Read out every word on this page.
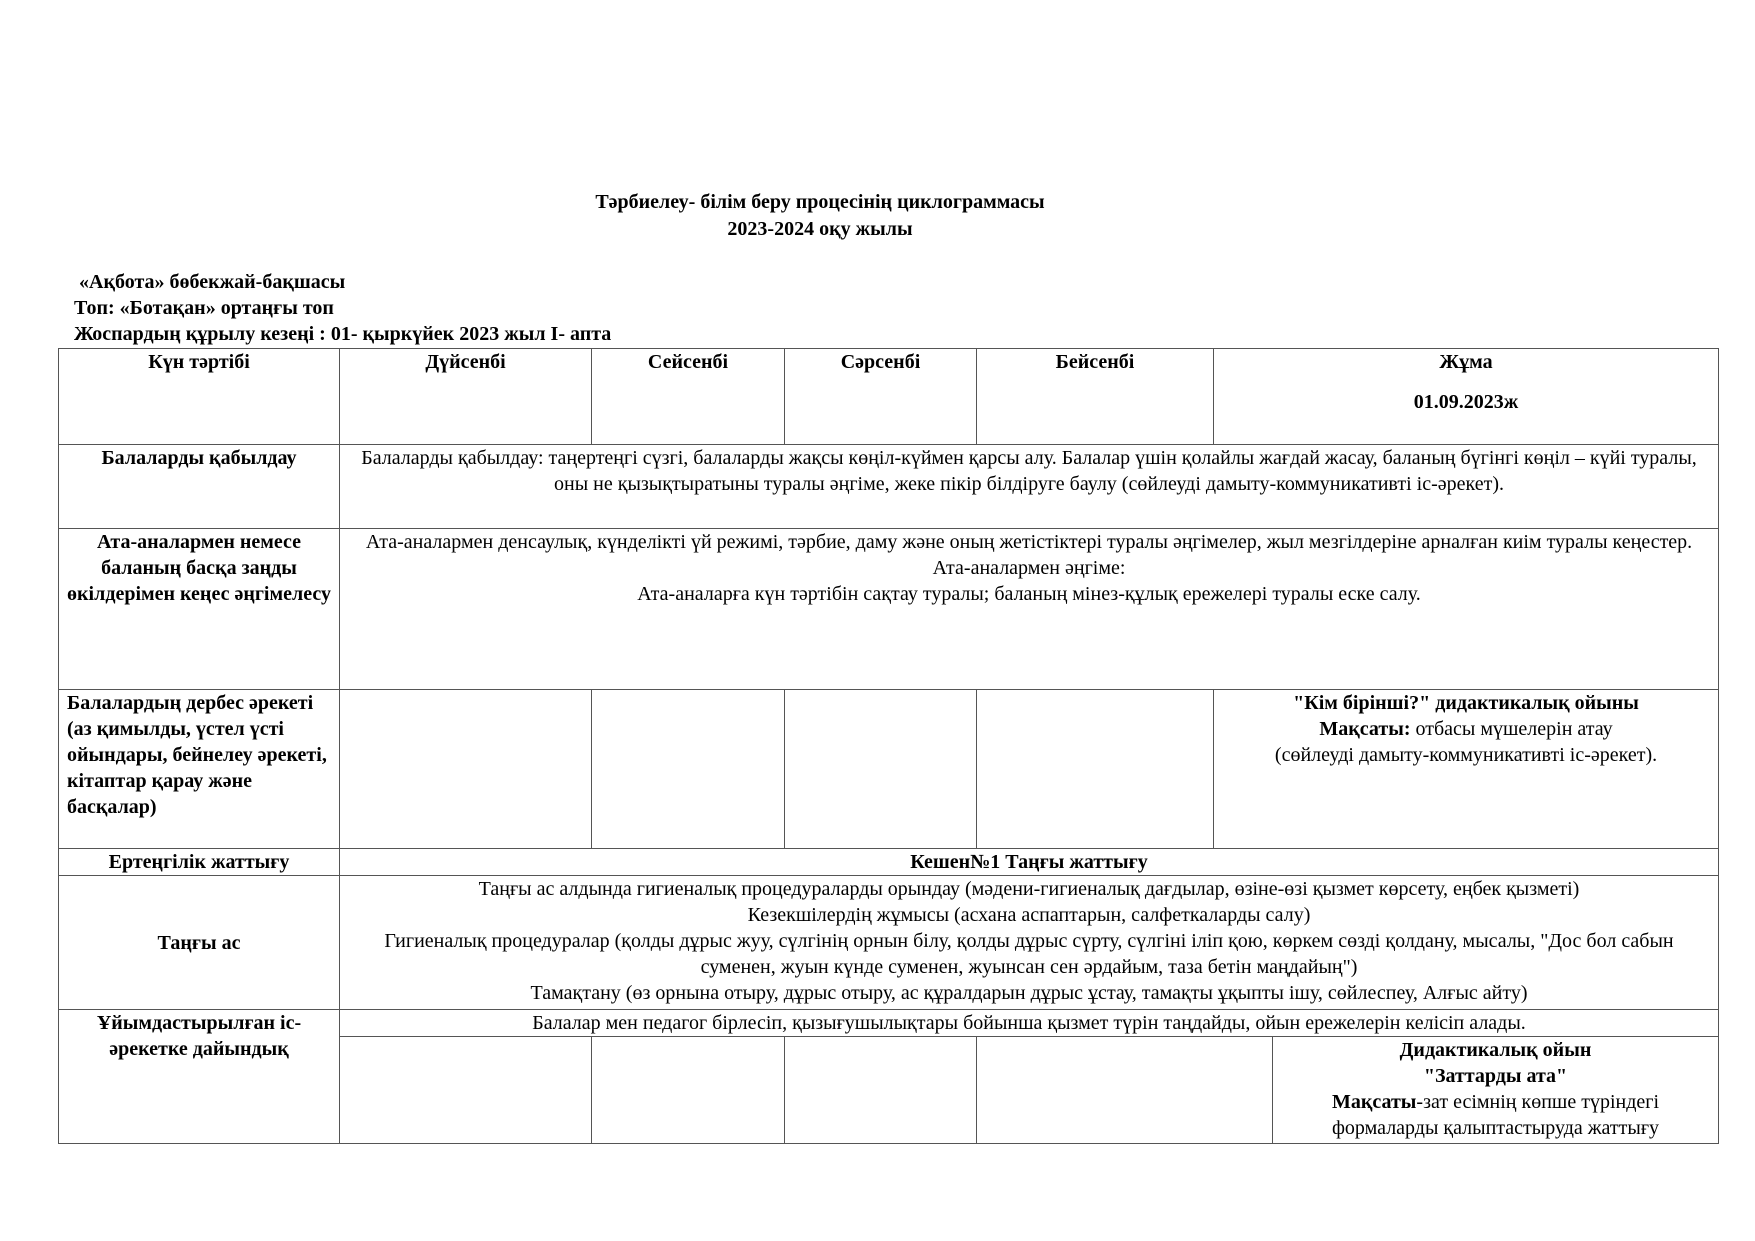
Тәрбиелеу- білім беру процесінің циклограммасы
2023-2024 оқу жылы
«Ақбота» бөбекжай-бақшасы
Топ: «Ботақан» ортаңғы топ
Жоспардың құрылу кезеңі : 01- қыркүйек 2023 жыл I- апта
Күн тәртібі	Дүйсенбі	Сейсенбі	Сәрсенбі	Бейсенбі	Жұма
01.09.2023ж	

Балаларды қабылдау	Балаларды қабылдау: таңертеңгі сүзгі, балаларды жақсы көңіл-күймен қарсы алу. Балалар үшін қолайлы жағдай жасау, баланың бүгінгі көңіл – күйі туралы, оны не қызықтыратыны туралы әңгіме, жеке пікір білдіруге баулу (сөйлеуді дамыту-коммуникативті іс-әрекет).					
Ата-аналармен немесе баланың басқа заңды өкілдерімен кеңес әңгімелесу	Ата-аналармен денсаулық, күнделікті үй режимі, тәрбие, даму және оның жетістіктері туралы әңгімелер, жыл мезгілдеріне арналған киім туралы кеңестер.
Ата-аналармен әңгіме:
Ата-аналарға күн тәртібін сақтау туралы; баланың мінез-құлық ережелері туралы еске салу.					

Балалардың дербес әрекеті (аз қимылды, үстел үсті ойындары, бейнелеу әрекеті, кітаптар қарау және басқалар)					"Кім бірінші?" дидактикалық ойыны
Мақсаты: отбасы мүшелерін атау
(сөйлеуді дамыту-коммуникативті іс-әрекет).	

Ертеңгілік жаттығу	Кешен№1 Таңғы жаттығу					
Таңғы ас	Таңғы ас алдында гигиеналық процедураларды орындау (мәдени-гигиеналық дағдылар, өзіне-өзі қызмет көрсету, еңбек қызметі)
Кезекшілердің жұмысы (асхана аспаптарын, салфеткаларды салу)
Гигиеналық процедуралар (қолды дұрыс жуу, сүлгінің орнын білу, қолды дұрыс сүрту, сүлгіні іліп қою, көркем сөзді қолдану, мысалы, "Дос бол сабын суменен, жуын күнде суменен, жуынсан сен әрдайым, таза бетін маңдайың")
Тамақтану (өз орнына отыру, дұрыс отыру, ас құралдарын дұрыс ұстау, тамақты ұқыпты ішу, сөйлеспеу, Алғыс айту)					

Ұйымдастырылған іс-әрекетке дайындық	Балалар мен педагог бірлесіп, қызығушылықтары бойынша қызмет түрін таңдайды, ойын ережелерін келісіп алады.					

						Дидактикалық ойын
"Заттарды ата"
Мақсаты-зат есімнің көпше түріндегі формаларды қалыптастыруда жаттығу
